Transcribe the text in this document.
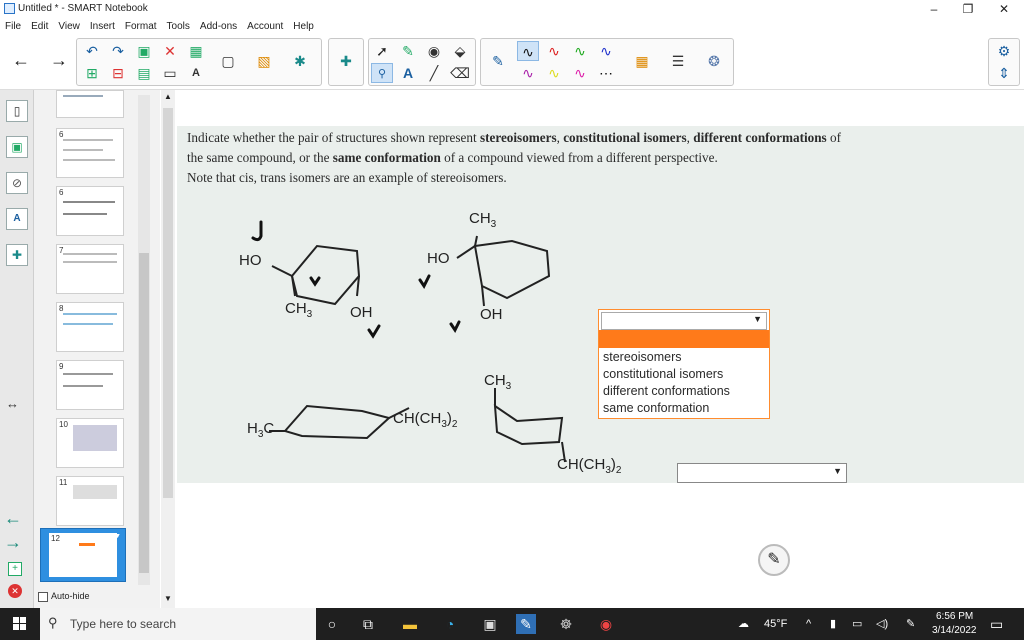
Untitled * - SMART Notebook	–	❐	✕
File Edit View Insert Format Tools Add-ons Account Help
← →	↶	↷ ▣ ✕ ▦
⊞	⊟ ▤ ▭	A
▢	▧	✱	✚
➚	✎	◉	⬙
⚲	A	╱ ⌫
✎
∿	∿	∿	∿
∿	∿	∿ ⋯
▦	☰	❂
⚙
⇕
▯
▣
⊘
A
✚
↔
←
→
+
✕
6
6
7
8
9
10
11
12	▼
Auto-hide
▲
▼
Indicate whether the pair of structures shown represent stereoisomers, constitutional isomers, different conformations of
the same compound, or the same conformation of a compound viewed from a different perspective.
Note that cis, trans isomers are an example of stereoisomers.
HO
$CH_3$	OH
HO
$CH_3$
OH
$H_3C$
$CH(CH_3)_2$
$CH_3$
$CH(CH_3)_2$
▼
stereoisomers
constitutional isomers
different conformations
same conformation
▼
✎
⚲ Type here to search	○	⧉	▬	◔	▣ ✎ ☸ ◉	☁ 45°F ^ ▮ ▭ ◁) ✎
6:56 PM
3/14/2022 ▭
